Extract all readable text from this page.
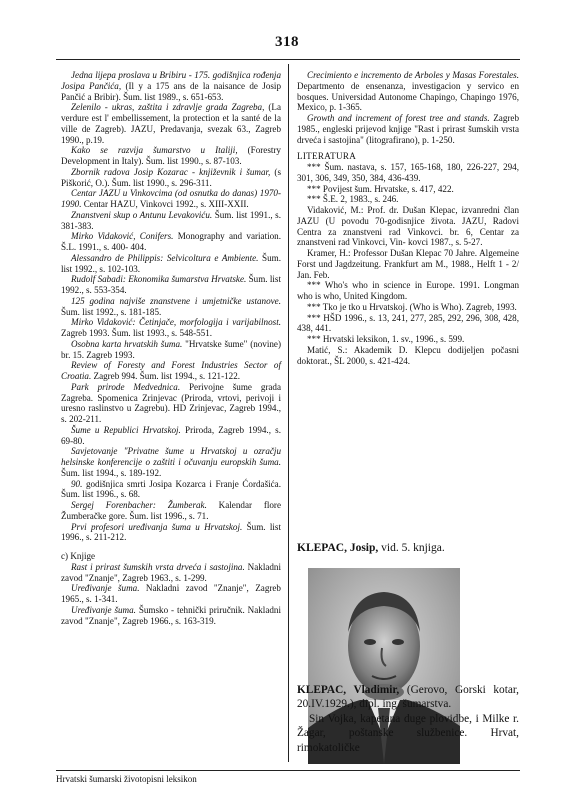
318

Jedna lijepa proslava u Bribiru - 175. godišnjica rođenja Josipa Pančića, (Il y a 175 ans de la naisance de Josip Pančić a Bribir). Šum. list 1989., s. 651-653.

Zelenilo - ukras, zaštita i zdravlje grada Zagreba, (La verdure est l' embellissement, la protection et la santé de la ville de Zagreb). JAZU, Predavanja, svezak 63., Zagreb 1990., p.19.

Kako se razvija šumarstvo u Italiji, (Forestry Development in Italy). Šum. list 1990., s. 87-103.

Zbornik radova Josip Kozarac - književnik i šumar, (s Piškorić, O.). Šum. list 1990., s. 296-311.

Centar JAZU u Vinkovcima (od osnutka do danas) 1970-1990. Centar HAZU, Vinkovci 1992., s. XIII-XXII.

Znanstveni skup o Antunu Levakoviću. Šum. list 1991., s. 381-383.

Mirko Vidaković, Conifers. Monography and variation. Š.L. 1991., s. 400- 404.

Alessandro de Philippis: Selvicoltura e Ambiente. Šum. list 1992., s. 102-103.

Rudolf Sabadi: Ekonomika šumarstva Hrvatske. Šum. list 1992., s. 553-354.

125 godina najviše znanstvene i umjetničke ustanove. Šum. list 1992., s. 181-185.

Mirko Vidaković: Četinjače, morfologija i varijabilnost. Zagreb 1993. Šum. list 1993., s. 548-551.

Osobna karta hrvatskih šuma. "Hrvatske šume" (novine) br. 15. Zagreb 1993.

Review of Foresty and Forest Industries Sector of Croatia. Zagreb 994. Šum. list 1994., s. 121-122.

Park prirode Medvednica. Perivojne šume grada Zagreba. Spomenica Zrinjevac (Priroda, vrtovi, perivoji i uresno raslinstvo u Zagrebu). HD Zrinjevac, Zagreb 1994., s. 202-211.

Šume u Republici Hrvatskoj. Priroda, Zagreb 1994., s. 69-80.

Savjetovanje "Privatne šume u Hrvatskoj u ozračju helsinske konferencije o zaštiti i očuvanju europskih šuma. Šum. list 1994., s. 189-192.

90. godišnjica smrti Josipa Kozarca i Franje Ćordašića. Šum. list 1996., s. 68.

Sergej Forenbacher: Žumberak. Kalendar flore Žumberačke gore. Šum. list 1996., s. 71.

Prvi profesori uređivanja šuma u Hrvatskoj. Šum. list 1996., s. 211-212.

c) Knjige

Rast i prirast šumskih vrsta drveća i sastojina. Nakladni zavod "Znanje", Zagreb 1963., s. 1-299.

Uređivanje šuma. Nakladni zavod "Znanje", Zagreb 1965., s. 1-341.

Uređivanje šuma. Šumsko - tehnički priručnik. Nakladni zavod "Znanje", Zagreb 1966., s. 163-319.

Crecimiento e incremento de Arboles y Masas Forestales. Departmento de ensenanza, investigacion y servico en bosques. Universidad Autonome Chapingo, Chapingo 1976, Mexico, p. 1-365.

Growth and increment of forest tree and stands. Zagreb 1985., engleski prijevod knjige "Rast i prirast šumskih vrsta drveća i sastojina" (litografirano), p. 1-250.

LITERATURA

*** Šum. nastava, s. 157, 165-168, 180, 226-227, 294, 301, 306, 349, 350, 384, 436-439.

*** Povijest šum. Hrvatske, s. 417, 422.

*** Š.E. 2, 1983., s. 246.

Vidaković, M.: Prof. dr. Dušan Klepac, izvanredni član JAZU (U povodu 70-godisnjice života. JAZU, Radovi Centra za znanstveni rad Vinkovci. br. 6, Centar za znanstveni rad Vinkovci, Vin- kovci 1987., s. 5-27.

Kramer, H.: Professor Dušan Klepac 70 Jahre. Algemeine Forst und Jagdzeitung. Frankfurt am M., 1988., Helft 1 - 2/ Jan. Feb.

*** Who's who in science in Europe. 1991. Longman who is who, United Kingdom.

*** Tko je tko u Hrvatskoj. (Who is Who). Zagreb, 1993.

*** HŠD 1996., s. 13, 241, 277, 285, 292, 296, 308, 428, 438, 441.

*** Hrvatski leksikon, 1. sv., 1996., s. 599.

Matić, S.: Akademik D. Klepcu dodijeljen počasni doktorat., ŠL 2000, s. 421-424.

KLEPAC, Josip, vid. 5. knjiga.
KLEPAC, Vladimir, (Gerovo, Gorski kotar, 20.IV.1929.), dipl. ing. šumarstva.
Sin Vojka, kapetana duge plovidbe, i Milke r. Žagar, poštanske službenice. Hrvat, rimokatoličke
Hrvatski šumarski životopisni leksikon
